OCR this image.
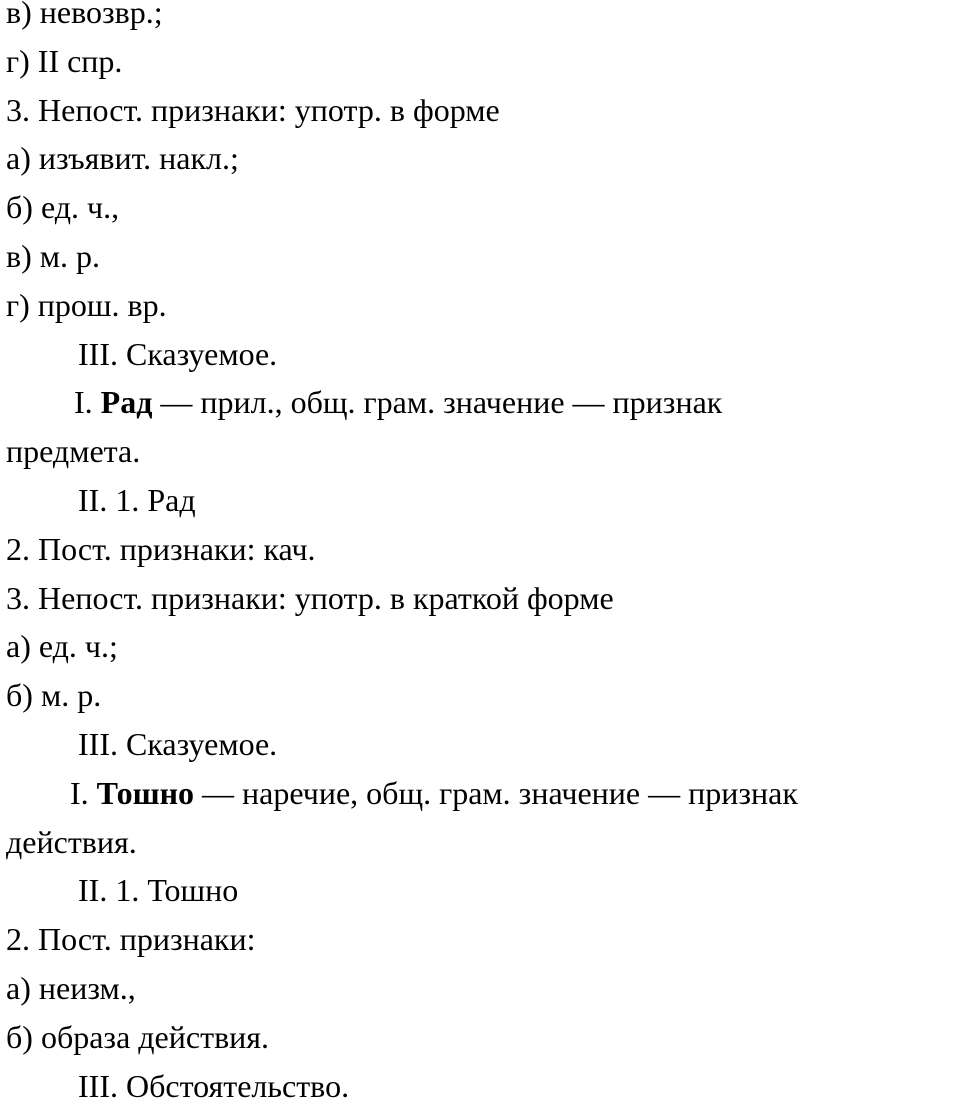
в) невозвр.;
г) II спр.
3. Непост. признаки: употр. в форме
а) изъявит. накл.;
б) ед. ч.,
в) м. р.
г) прош. вр.
III. Сказуемое.
I. Рад — прил., общ. грам. значение — признак
предмета.
II. 1. Рад
2. Пост. признаки: кач.
3. Непост. признаки: употр. в краткой форме
а) ед. ч.;
б) м. р.
III. Сказуемое.
I. Тошно — наречие, общ. грам. значение — признак
действия.
II. 1. Тошно
2. Пост. признаки:
а) неизм.,
б) образа действия.
III. Обстоятельство.
